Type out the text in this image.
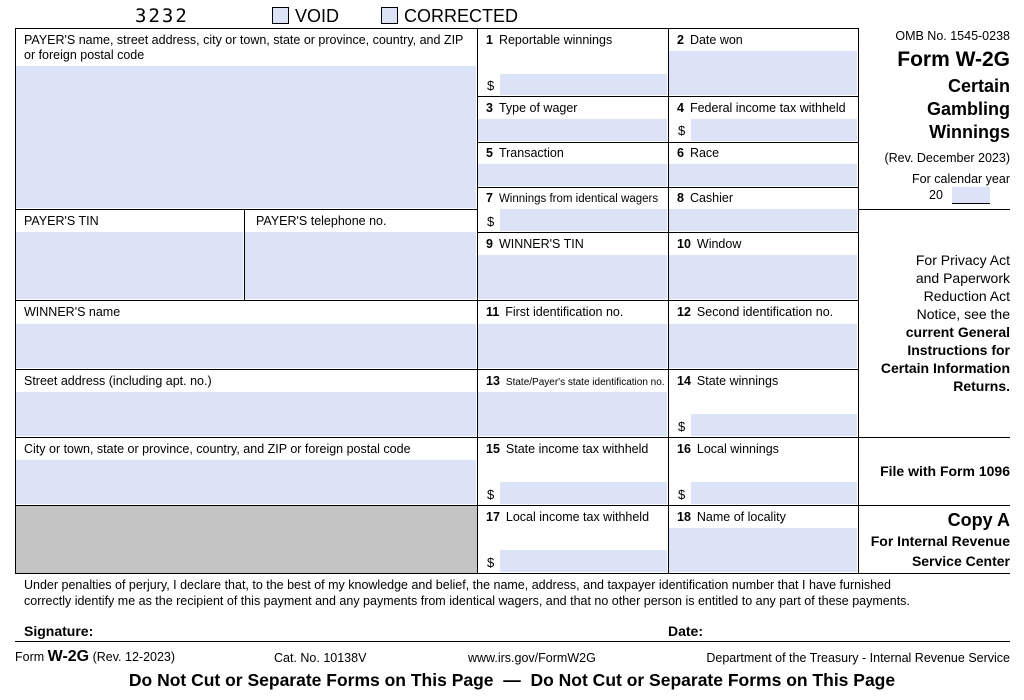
3232	VOID	CORRECTED
PAYER'S name, street address, city or town, state or province, country, and ZIP or foreign postal code
PAYER'S TIN	PAYER'S telephone no.
WINNER'S name
Street address (including apt. no.)
City or town, state or province, country, and ZIP or foreign postal code
1 Reportable winnings
$
2 Date won
3 Type of wager	4 Federal income tax withheld
$
5 Transaction	6 Race
7 Winnings from identical wagers
$
8 Cashier
9 WINNER'S TIN	10 Window
11 First identification no.	12 Second identification no.
13 State/Payer's state identification no. 14 State winnings
$
15 State income tax withheld
$
16 Local winnings
$
17 Local income tax withheld
$
18 Name of locality
OMB No. 1545-0238
Form W-2G
Certain
Gambling
Winnings
(Rev. December 2023)
For calendar year
20
For Privacy Act
and Paperwork
Reduction Act
Notice, see the
current General
Instructions for
Certain Information
Returns.
File with Form 1096
Copy A
For Internal Revenue
Service Center
Under penalties of perjury, I declare that, to the best of my knowledge and belief, the name, address, and taxpayer identification number that I have furnished
correctly identify me as the recipient of this payment and any payments from identical wagers, and that no other person is entitled to any part of these payments.
Signature:	Date:
Form W-2G (Rev. 12-2023)	Cat. No. 10138V	www.irs.gov/FormW2G	Department of the Treasury - Internal Revenue Service
Do Not Cut or Separate Forms on This Page  —  Do Not Cut or Separate Forms on This Page
